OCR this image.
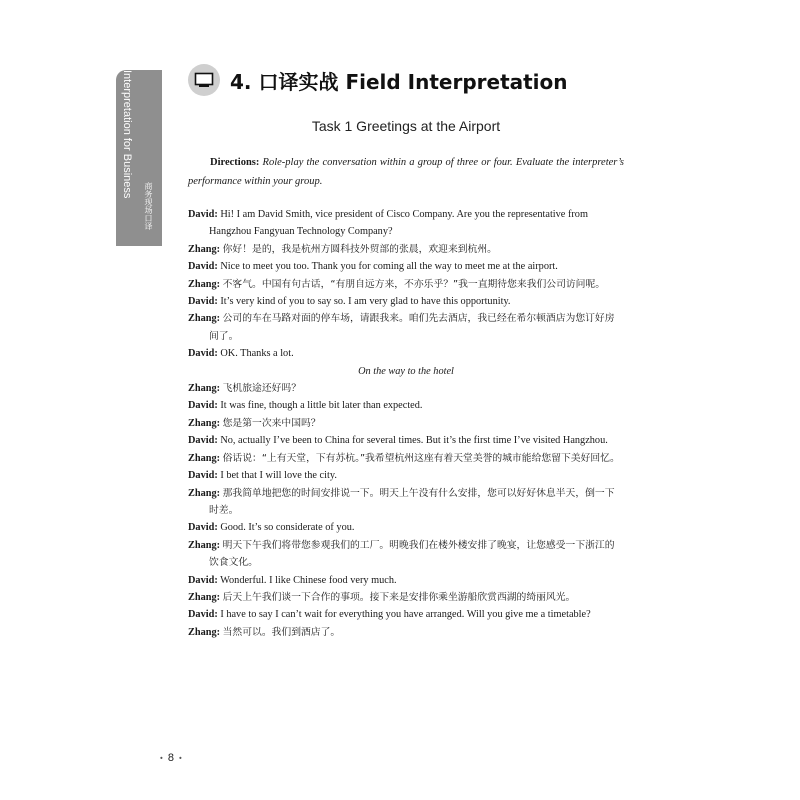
Interpretation for Business
商务现场口译
4. 口译实战 Field Interpretation
Task 1 Greetings at the Airport
Directions: Role-play the conversation within a group of three or four. Evaluate the interpreter’s performance within your group.
David: Hi! I am David Smith, vice president of Cisco Company. Are you the representative from Hangzhou Fangyuan Technology Company?
Zhang: 你好！是的，我是杭州方圆科技外贸部的张晨，欢迎来到杭州。
David: Nice to meet you too. Thank you for coming all the way to meet me at the airport.
Zhang: 不客气。中国有句古话，“有朋自远方来，不亦乐乎？”我一直期待您来我们公司访问呢。
David: It’s very kind of you to say so. I am very glad to have this opportunity.
Zhang: 公司的车在马路对面的停车场，请跟我来。咱们先去酒店，我已经在希尔顿酒店为您订好房间了。
David: OK. Thanks a lot.
On the way to the hotel
Zhang: 飞机旅途还好吗？
David: It was fine, though a little bit later than expected.
Zhang: 您是第一次来中国吗？
David: No, actually I’ve been to China for several times. But it’s the first time I’ve visited Hangzhou.
Zhang: 俗话说：“上有天堂，下有苏杭。”我希望杭州这座有着天堂美誉的城市能给您留下美好回忆。
David: I bet that I will love the city.
Zhang: 那我简单地把您的时间安排说一下。明天上午没有什么安排，您可以好好休息半天，倒一下时差。
David: Good. It’s so considerate of you.
Zhang: 明天下午我们将带您参观我们的工厂。明晚我们在楼外楼安排了晚宴，让您感受一下浙江的饮食文化。
David: Wonderful. I like Chinese food very much.
Zhang: 后天上午我们谈一下合作的事项。接下来是安排你乘坐游船欣赏西湖的绮丽风光。
David: I have to say I can’t wait for everything you have arranged. Will you give me a timetable?
Zhang: 当然可以。我们到酒店了。
• 8 •
